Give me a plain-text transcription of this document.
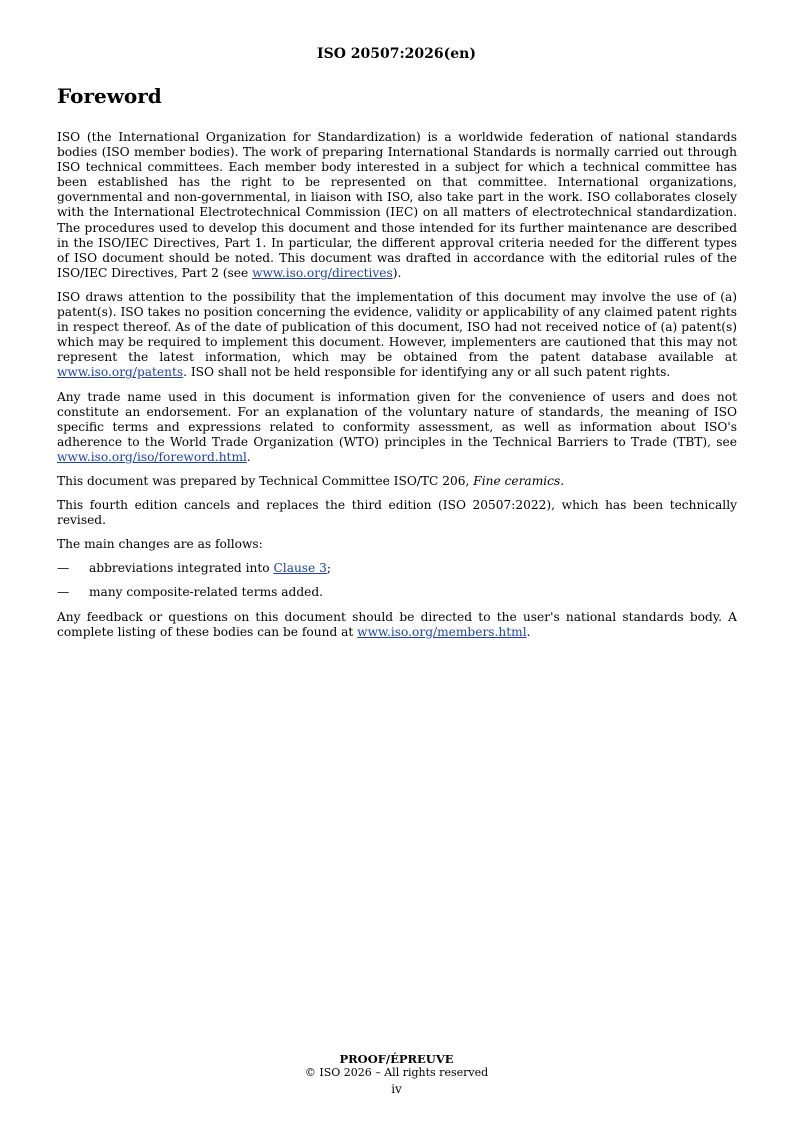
ISO 20507:2026(en)
Foreword

ISO (the International Organization for Standardization) is a worldwide federation of national standards bodies (ISO member bodies). The work of preparing International Standards is normally carried out through ISO technical committees. Each member body interested in a subject for which a technical committee has been established has the right to be represented on that committee. International organizations, governmental and non-governmental, in liaison with ISO, also take part in the work. ISO collaborates closely with the International Electrotechnical Commission (IEC) on all matters of electrotechnical standardization. The procedures used to develop this document and those intended for its further maintenance are described in the ISO/IEC Directives, Part 1. In particular, the different approval criteria needed for the different types of ISO document should be noted. This document was drafted in accordance with the editorial rules of the ISO/IEC Directives, Part 2 (see www.iso.org/directives).

ISO draws attention to the possibility that the implementation of this document may involve the use of (a) patent(s). ISO takes no position concerning the evidence, validity or applicability of any claimed patent rights in respect thereof. As of the date of publication of this document, ISO had not received notice of (a) patent(s) which may be required to implement this document. However, implementers are cautioned that this may not represent the latest information, which may be obtained from the patent database available at www.iso.org/patents. ISO shall not be held responsible for identifying any or all such patent rights.

Any trade name used in this document is information given for the convenience of users and does not constitute an endorsement. For an explanation of the voluntary nature of standards, the meaning of ISO specific terms and expressions related to conformity assessment, as well as information about ISO's adherence to the World Trade Organization (WTO) principles in the Technical Barriers to Trade (TBT), see www.iso.org/iso/foreword.html.

This document was prepared by Technical Committee ISO/TC 206, Fine ceramics.

This fourth edition cancels and replaces the third edition (ISO 20507:2022), which has been technically revised.

The main changes are as follows:

—	abbreviations integrated into Clause 3;
—	many composite-related terms added.

Any feedback or questions on this document should be directed to the user's national standards body. A complete listing of these bodies can be found at www.iso.org/members.html.

PROOF/ÉPREUVE
© ISO 2026 – All rights reserved
iv
